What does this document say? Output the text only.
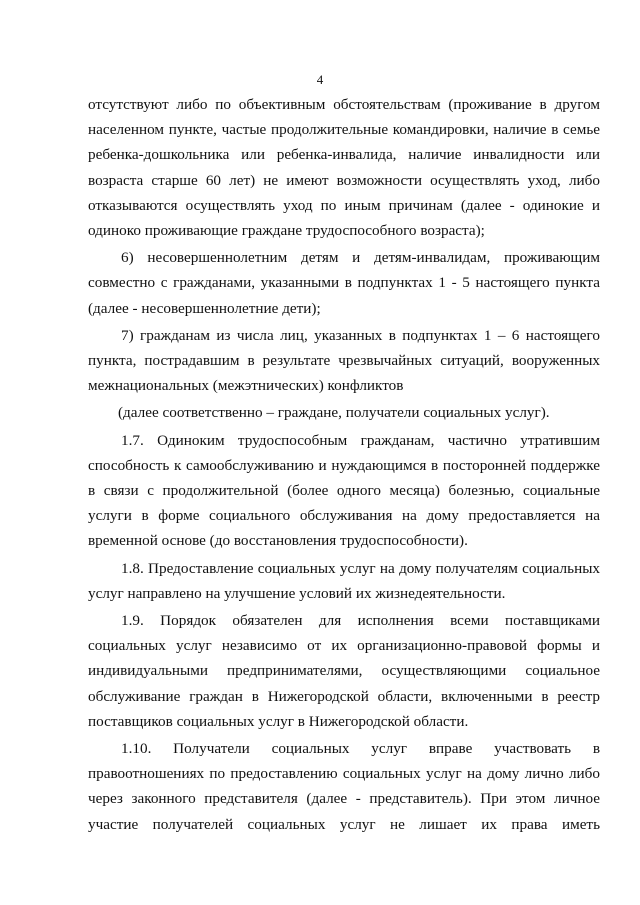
4

отсутствуют либо по объективным обстоятельствам (проживание в другом населенном пункте, частые продолжительные командировки, наличие в семье ребенка-дошкольника или ребенка-инвалида, наличие инвалидности или возраста старше 60 лет) не имеют возможности осуществлять уход, либо отказываются осуществлять уход по иным причинам (далее - одинокие и одиноко проживающие граждане трудоспособного возраста);

6) несовершеннолетним детям и детям-инвалидам, проживающим совместно с гражданами, указанными в подпунктах 1 - 5 настоящего пункта (далее - несовершеннолетние дети);

7) гражданам из числа лиц, указанных в подпунктах 1 – 6 настоящего пункта, пострадавшим в результате чрезвычайных ситуаций, вооруженных межнациональных (межэтнических) конфликтов

(далее соответственно – граждане, получатели социальных услуг).

1.7. Одиноким трудоспособным гражданам, частично утратившим способность к самообслуживанию и нуждающимся в посторонней поддержке в связи с продолжительной (более одного месяца) болезнью, социальные услуги в форме социального обслуживания на дому предоставляется на временной основе (до восстановления трудоспособности).

1.8. Предоставление социальных услуг на дому получателям социальных услуг направлено на улучшение условий их жизнедеятельности.

1.9. Порядок обязателен для исполнения всеми поставщиками социальных услуг независимо от их организационно-правовой формы и индивидуальными предпринимателями, осуществляющими социальное обслуживание граждан в Нижегородской области, включенными в реестр поставщиков социальных услуг в Нижегородской области.

1.10. Получатели социальных услуг вправе участвовать в правоотношениях по предоставлению социальных услуг на дому лично либо через законного представителя (далее - представитель). При этом личное участие получателей социальных услуг не лишает их права иметь
